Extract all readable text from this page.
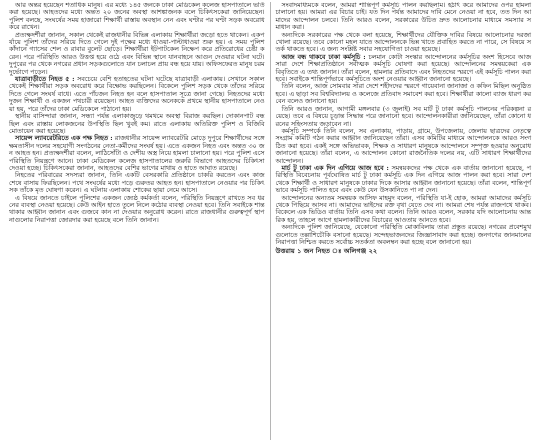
আর অন্তর হয়েছেন শতাধিক মানুষ। এর মধ্যে ১৪৫ জনকে ঢাকা মেডিকেল কলেজ হাসপাতালে ভর্তি করা হয়েছে। আহতদের মধ্যে অন্তত ২০ জনের অবস্থা আশঙ্কাজনক বলে চিকিৎসকেরা জানিয়েছেন। পুলিশ বলছে, সংঘর্ষের সময় হাজারো শিক্ষার্থী রাস্তায় অবস্থান নেন এবং ঘণ্টার পর ঘণ্টা সড়ক অবরোধ করে রাখেন।

প্রত্যক্ষদর্শীরা জানান, সকাল থেকেই রাজধানীর বিভিন্ন এলাকায় শিক্ষার্থীরা জড়ো হতে থাকেন। একপর্যায়ে পুলিশ তাঁদের সরিয়ে দিতে গেলে দুই পক্ষের মধ্যে ধাওয়া-পাল্টাধাওয়া শুরু হয়। এ সময় পুলিশ কাঁদানে গ্যাসের শেল ও রাবার বুলেট ছোড়ে। শিক্ষার্থীরা ইটপাটকেল নিক্ষেপ করে প্রতিরোধের চেষ্টা করেন। পরে পরিস্থিতি আরও উত্তপ্ত হয়ে ওঠে এবং বিভিন্ন স্থানে যানবাহনে আগুন দেওয়ার ঘটনা ঘটে। দুপুরের পর থেকে নগরের প্রধান সড়কগুলোতে যান চলাচল প্রায় বন্ধ হয়ে যায়। অফিসফেরত মানুষ চরম দুর্ভোগে পড়েন।

যাত্রাবাড়ীতে নিহত ৫ : সবচেয়ে বেশি হতাহতের ঘটনা ঘটেছে যাত্রাবাড়ী এলাকায়। সেখানে সকাল থেকেই শিক্ষার্থীরা সড়ক অবরোধ করে বিক্ষোভ করছিলেন। বিকেলে পুলিশ সড়ক থেকে তাঁদের সরিয়ে দিতে গেলে সংঘর্ষ বাধে। এতে পাঁচজন নিহত হন বলে হাসপাতাল সূত্রে জানা গেছে। নিহতদের মধ্যে দুজন শিক্ষার্থী ও একজন পথচারী রয়েছেন। আহত ব্যক্তিদের অনেককে প্রথমে স্থানীয় হাসপাতালে নেওয়া হয়, পরে তাঁদের ঢাকা মেডিকেলে পাঠানো হয়।

স্থানীয় বাসিন্দারা জানান, সন্ধ্যা পর্যন্ত এলাকাজুড়ে থমথমে অবস্থা বিরাজ করছিল। দোকানপাট বন্ধ ছিল এবং রাস্তায় লোকজনের উপস্থিতি ছিল খুবই কম। রাতে এলাকায় অতিরিক্ত পুলিশ ও বিজিবি মোতায়েন করা হয়েছে।

সায়েন্স ল্যাবরেটরিতে এক পক্ষ নিহত : রাজধানীর সায়েন্স ল্যাবরেটরি মোড়ে দুপুরে শিক্ষার্থীদের সঙ্গে ক্ষমতাসীন দলের সহযোগী সংগঠনের নেতা-কর্মীদের সংঘর্ষ হয়। এতে একজন নিহত এবং অন্তত ৩০ জন আহত হন। প্রত্যক্ষদর্শীরা বলেন, লাঠিসোঁটা ও দেশীয় অস্ত্র নিয়ে হামলা চালানো হয়। পরে পুলিশ এসে পরিস্থিতি নিয়ন্ত্রণে আনে। ঢাকা মেডিকেল কলেজ হাসপাতালের জরুরি বিভাগে আহতদের চিকিৎসা দেওয়া হচ্ছে। চিকিৎসকেরা জানান, আহতদের বেশির ভাগের মাথায় ও হাতে আঘাত রয়েছে।

নিহতের পরিবারের সদস্যরা জানান, তিনি একটি বেসরকারি প্রতিষ্ঠানে চাকরি করতেন এবং কাজ শেষে বাসায় ফিরছিলেন। পথে সংঘর্ষের মধ্যে পড়ে গুরুতর আহত হন। হাসপাতালে নেওয়ার পর চিকিৎসক তাঁকে মৃত ঘোষণা করেন। এ ঘটনায় এলাকায় শোকের ছায়া নেমে আসে।

এ বিষয়ে জানতে চাইলে পুলিশের একজন জ্যেষ্ঠ কর্মকর্তা বলেন, পরিস্থিতি নিয়ন্ত্রণে রাখতে সব ধরনের ব্যবস্থা নেওয়া হয়েছে। কেউ আইন হাতে তুলে নিলে কঠোর ব্যবস্থা নেওয়া হবে। তিনি সবাইকে শান্ত থাকার আহ্বান জানান এবং গুজবে কান না দেওয়ার অনুরোধ করেন। রাতে রাজধানীর গুরুত্বপূর্ণ স্থাপনাগুলোর নিরাপত্তা জোরদার করা হয়েছে বলে তিনি জানান।

সংবাদমাধ্যমকে বলেন, আমরা শান্তিপূর্ণ কর্মসূচি পালন করছিলাম। হঠাৎ করে আমাদের ওপর হামলা চালানো হয়। আমরা এর বিচার চাই। যত দিন পর্যন্ত আমাদের দাবি মেনে নেওয়া না হবে, তত দিন আমাদের আন্দোলন চলবে। তিনি আরও বলেন, সরকারের উচিত দ্রুত আলোচনার মাধ্যমে সমস্যার সমাধান করা।

অন্যদিকে সরকারের পক্ষ থেকে বলা হয়েছে, শিক্ষার্থীদের যৌক্তিক দাবির বিষয়ে আলোচনার দরজা খোলা রয়েছে। তবে কোনো মহল যাতে আন্দোলনকে ভিন্ন খাতে প্রবাহিত করতে না পারে, সে বিষয়ে সতর্ক থাকতে হবে। এ জন্য সংশ্লিষ্ট সবার সহযোগিতা চাওয়া হয়েছে।

আজ বন্ধ থাকবে ঢাকা কর্মসূচি : চলমান কোটা সংস্কার আন্দোলনের কর্মসূচির অংশ হিসেবে আজ সারা দেশে শিক্ষাপ্রতিষ্ঠানে সর্বাত্মক কর্মসূচি ঘোষণা করা হয়েছে। আন্দোলনের সমন্বয়কেরা এক বিবৃতিতে এ তথ্য জানান। তাঁরা বলেন, হামলার প্রতিবাদে এবং নিহতদের স্মরণে এই কর্মসূচি পালন করা হবে। সবাইকে শান্তিপূর্ণভাবে কর্মসূচিতে অংশ নেওয়ার আহ্বান জানানো হয়েছে।

তিনি বলেন, আজ সোমবার সারা দেশে শহীদদের স্মরণে গায়েবানা জানাজা ও কফিন মিছিল অনুষ্ঠিত হবে। এ ছাড়া সব বিশ্ববিদ্যালয় ও কলেজে প্রতিবাদ সমাবেশ করা হবে। শিক্ষার্থীরা কালো ব্যাজ ধারণ করবেন বলেও জানানো হয়।

তিনি আরও জানান, আগামী মঙ্গলবার (৩ জুলাই) সব মার্ট টু ঢাকা কর্মসূচি পালনের পরিকল্পনা রয়েছে। তবে এ বিষয়ে চূড়ান্ত সিদ্ধান্ত পরে জানানো হবে। আন্দোলনকারীরা জানিয়েছেন, তাঁরা কোনো ধরনের সহিংসতায় জড়াবেন না।

কর্মসূচি সম্পর্কে তিনি বলেন, সব এলাকায়, পাড়ায়, গ্রামে, উপজেলায়, জেলায় ছাত্রদের নেতৃত্বে সংগ্রাম কমিটি গঠন করার আহ্বান জানিয়েছেন তাঁরা। এসব কমিটির মাধ্যমে আন্দোলনকে আরও সংগঠিত করা হবে। একই সঙ্গে অভিভাবক, শিক্ষক ও সাধারণ মানুষকে আন্দোলনে সম্পৃক্ত হওয়ার অনুরোধ জানানো হয়েছে। তাঁরা বলেন, এ আন্দোলন কোনো রাজনৈতিক দলের নয়, এটি সাধারণ শিক্ষার্থীদের আন্দোলন।

মার্চ টু ঢাকা এক দিন এগিয়ে আজ হবে : সমন্বয়কদের পক্ষ থেকে এক বার্তায় জানানো হয়েছে, পরিস্থিতি বিবেচনায় পূর্বঘোষিত মার্চ টু ঢাকা কর্মসূচি এক দিন এগিয়ে আজ পালন করা হবে। সারা দেশ থেকে শিক্ষার্থী ও সাধারণ মানুষকে ঢাকার দিকে আসার আহ্বান জানানো হয়েছে। তাঁরা বলেন, শান্তিপূর্ণভাবে কর্মসূচি পালিত হবে এবং কেউ যেন উসকানিতে পা না দেন।

আন্দোলনের অন্যতম সমন্বয়ক আসিফ মাহমুদ বলেন, পরিস্থিতি যা-ই হোক, আমরা আমাদের কর্মসূচি থেকে পিছিয়ে আসব না। আমাদের ভাইদের রক্ত বৃথা যেতে দেব না। আমরা শেষ পর্যন্ত রাজপথে থাকব। বিকেলে এক ভিডিও বার্তায় তিনি এসব কথা বলেন। তিনি আরও বলেন, সরকার যদি আলোচনায় আন্তরিক হয়, তাহলে আগে হামলাকারীদের বিচারের আওতায় আনতে হবে।

অন্যদিকে পুলিশ জানিয়েছে, যেকোনো পরিস্থিতি মোকাবিলায় তারা প্রস্তুত রয়েছে। নগরের প্রবেশমুখগুলোতে তল্লাশিচৌকি বসানো হয়েছে। সন্দেহভাজনদের জিজ্ঞাসাবাদ করা হচ্ছে। জনগণের জানমালের নিরাপত্তা নিশ্চিত করতে সর্বোচ্চ সতর্কতা অবলম্বন করা হচ্ছে বলে জানানো হয়।

উত্তরায় ১ জন নিহত ঃ অলিগঞ্জ ২২
